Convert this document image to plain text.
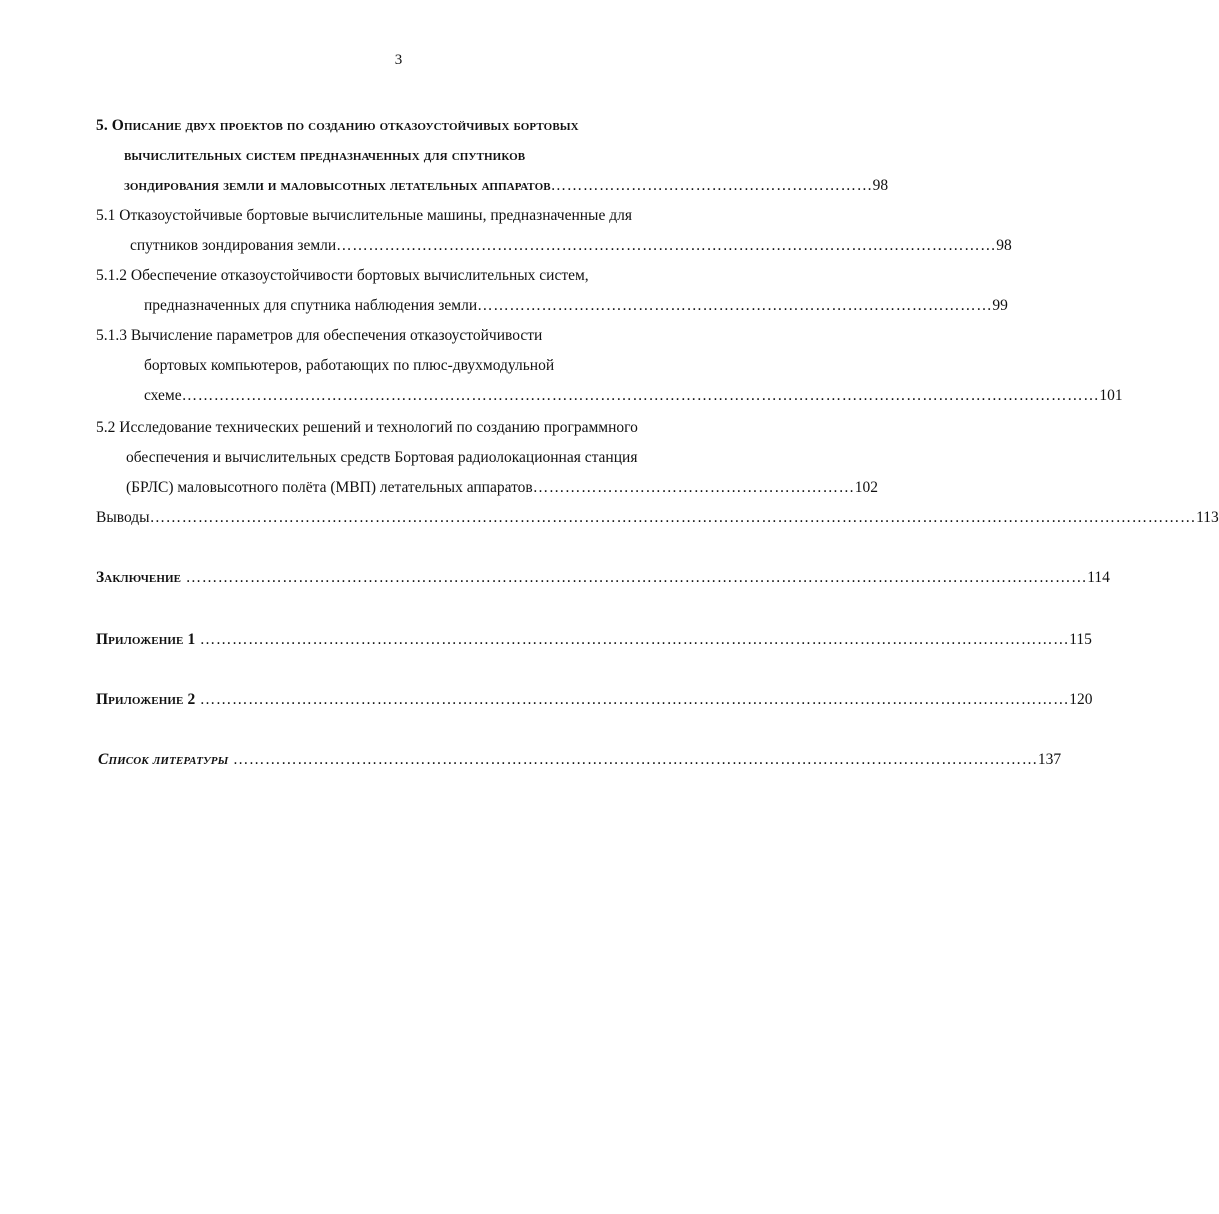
3
5. Описание двух проектов по созданию отказоустойчивых бортовых
вычислительных систем предназначенных для спутников
зондирования земли и маловысотных летательных аппаратов …………………………………………………… 98
5.1 Отказоустойчивые бортовые вычислительные машины, предназначенные для
спутников зондирования земли …………………………………………………………………………………………………………… 98
5.1.2 Обеспечение отказоустойчивости бортовых вычислительных систем,
предназначенных для спутника наблюдения земли …………………………………………………………………………………… 99
5.1.3 Вычисление параметров для обеспечения отказоустойчивости
бортовых компьютеров, работающих по плюс-двухмодульной
схеме ……………………………………………………………………………………………………………………………………………………… 101
5.2 Исследование технических решений и технологий по созданию программного
обеспечения и вычислительных средств Бортовая радиолокационная станция
(БРЛС) маловысотного полёта (МВП) летательных аппаратов …………………………………………………… 102
Выводы …………………………………………………………………………………………………………………………………………………………………………… 113
Заключение …………………………………………………………………………………………………………………………………………………… 114
Приложение 1 ……………………………………………………………………………………………………………………………………………… 115
Приложение 2 ……………………………………………………………………………………………………………………………………………… 120
Список литературы …………………………………………………………………………………………………………………………………… 137
